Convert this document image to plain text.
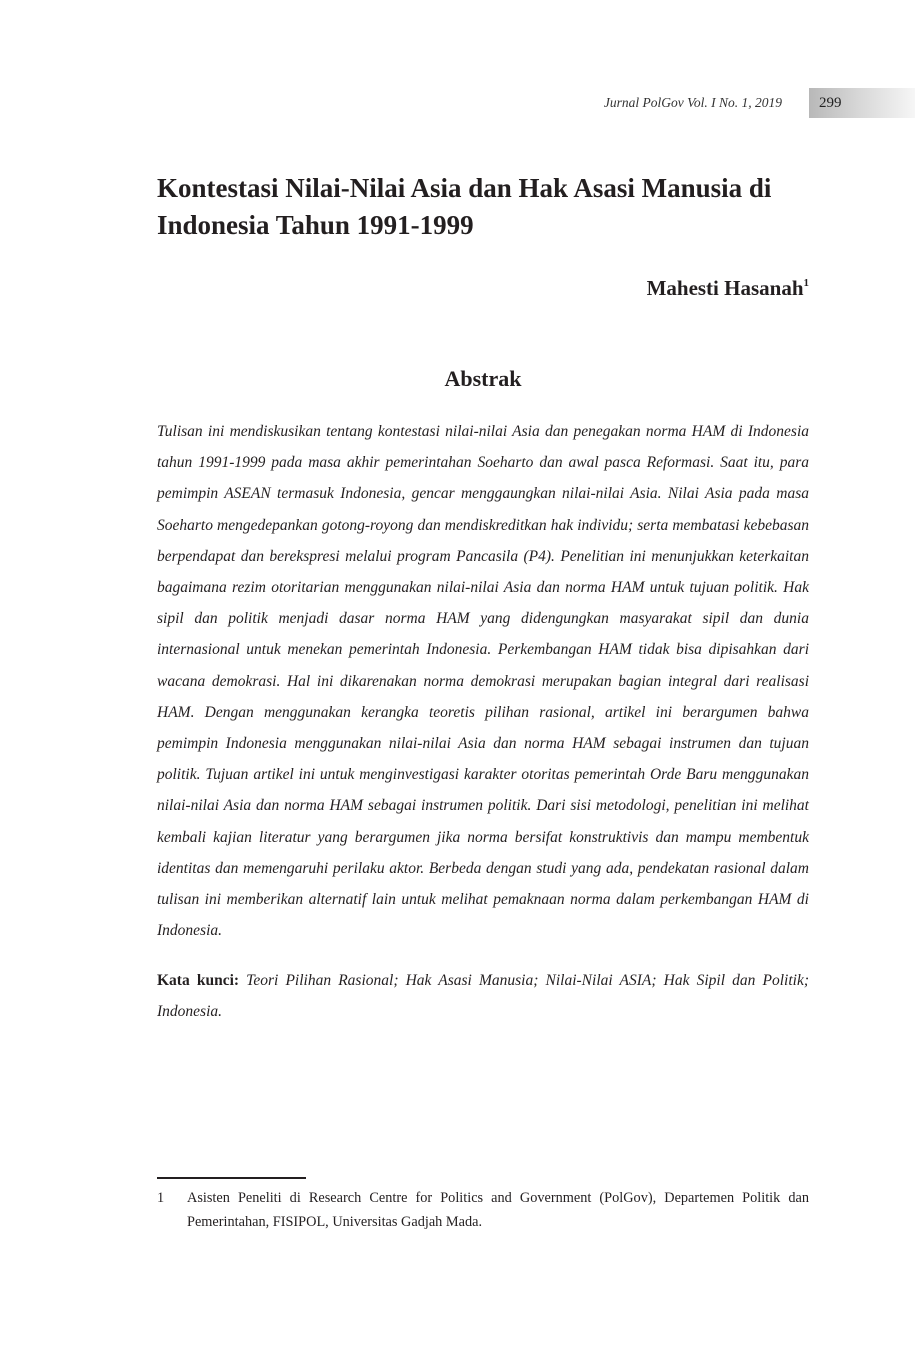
Jurnal PolGov Vol. I No. 1, 2019 299
Kontestasi Nilai-Nilai Asia dan Hak Asasi Manusia di Indonesia Tahun 1991-1999
Mahesti Hasanah$^1$
Abstrak

Tulisan ini mendiskusikan tentang kontestasi nilai-nilai Asia dan penegakan norma HAM di Indonesia tahun 1991-1999 pada masa akhir pemerintahan Soeharto dan awal pasca Reformasi. Saat itu, para pemimpin ASEAN termasuk Indonesia, gencar menggaungkan nilai-nilai Asia. Nilai Asia pada masa Soeharto mengedepankan gotong-royong dan mendiskreditkan hak individu; serta membatasi kebebasan berpendapat dan berekspresi melalui program Pancasila (P4). Penelitian ini menunjukkan keterkaitan bagaimana rezim otoritarian menggunakan nilai-nilai Asia dan norma HAM untuk tujuan politik. Hak sipil dan politik menjadi dasar norma HAM yang didengungkan masyarakat sipil dan dunia internasional untuk menekan pemerintah Indonesia. Perkembangan HAM tidak bisa dipisahkan dari wacana demokrasi. Hal ini dikarenakan norma demokrasi merupakan bagian integral dari realisasi HAM. Dengan menggunakan kerangka teoretis pilihan rasional, artikel ini berargumen bahwa pemimpin Indonesia menggunakan nilai-nilai Asia dan norma HAM sebagai instrumen dan tujuan politik. Tujuan artikel ini untuk menginvestigasi karakter otoritas pemerintah Orde Baru menggunakan nilai-nilai Asia dan norma HAM sebagai instrumen politik. Dari sisi metodologi, penelitian ini melihat kembali kajian literatur yang berargumen jika norma bersifat konstruktivis dan mampu membentuk identitas dan memengaruhi perilaku aktor. Berbeda dengan studi yang ada, pendekatan rasional dalam tulisan ini memberikan alternatif lain untuk melihat pemaknaan norma dalam perkembangan HAM di Indonesia.

Kata kunci: Teori Pilihan Rasional; Hak Asasi Manusia; Nilai-Nilai ASIA; Hak Sipil dan Politik; Indonesia.

1 Asisten Peneliti di Research Centre for Politics and Government (PolGov), Departemen Politik dan Pemerintahan, FISIPOL, Universitas Gadjah Mada.
